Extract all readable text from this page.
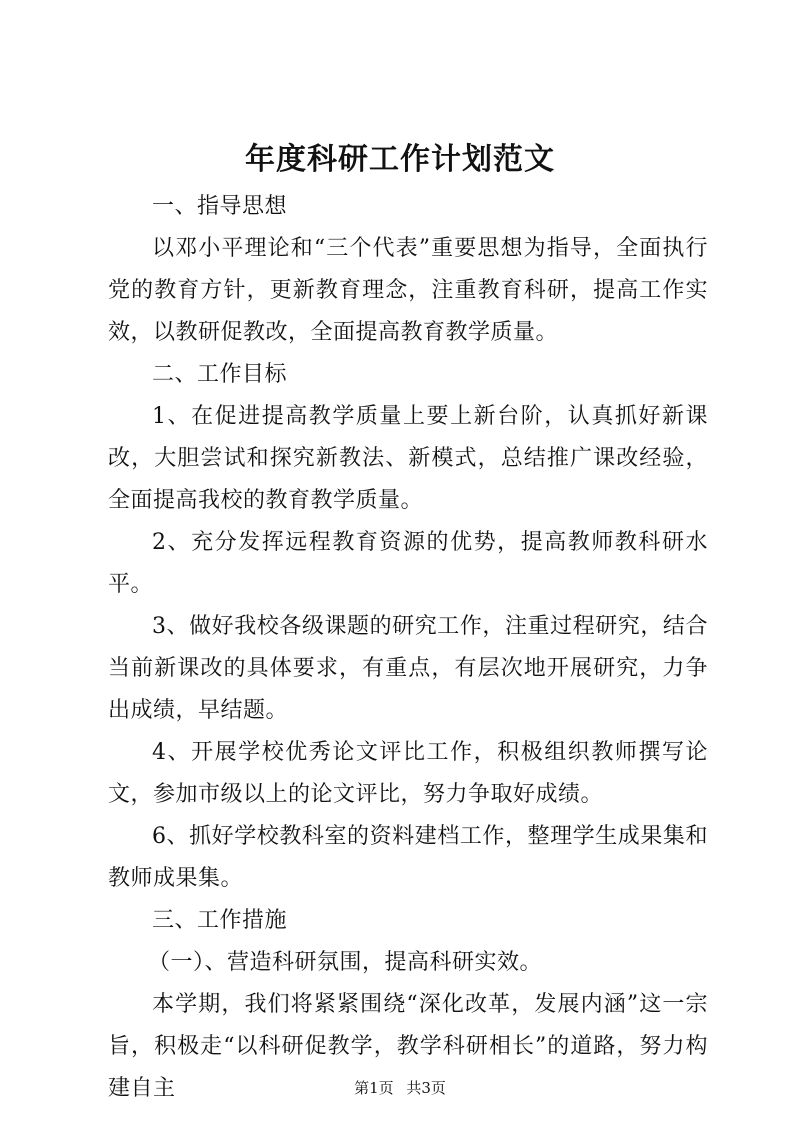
年度科研工作计划范文

一、指导思想

以邓小平理论和“三个代表”重要思想为指导，全面执行党的教育方针，更新教育理念，注重教育科研，提高工作实效，以教研促教改，全面提高教育教学质量。

二、工作目标

1、在促进提高教学质量上要上新台阶，认真抓好新课改，大胆尝试和探究新教法、新模式，总结推广课改经验，全面提高我校的教育教学质量。

2、充分发挥远程教育资源的优势，提高教师教科研水平。

3、做好我校各级课题的研究工作，注重过程研究，结合当前新课改的具体要求，有重点，有层次地开展研究，力争出成绩，早结题。

4、开展学校优秀论文评比工作，积极组织教师撰写论文，参加市级以上的论文评比，努力争取好成绩。

6、抓好学校教科室的资料建档工作，整理学生成果集和教师成果集。

三、工作措施

（一）、营造科研氛围，提高科研实效。

本学期，我们将紧紧围绕“深化改革，发展内涵”这一宗旨，积极走“以科研促教学，教学科研相长”的道路，努力构建自主	第1页 共3页
